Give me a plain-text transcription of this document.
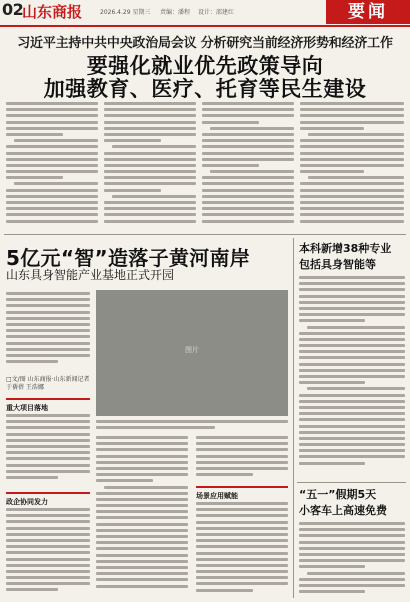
02
山东商报	2026.4.29 星期三 责编：潘程 设计：邵建红	要闻
习近平主持中共中央政治局会议 分析研究当前经济形势和经济工作
要强化就业优先政策导向
加强教育、医疗、托育等民生建设
5亿元“智”造落子黄河南岸
山东具身智能产业基地正式开园
□文/图 山东商报·山东新闻记者 于蒨蓓 王浩娜
图片
重大项目落地
政企协同发力
场景应用赋能
本科新增38种专业
包括具身智能等
“五一”假期5天
小客车上高速免费
